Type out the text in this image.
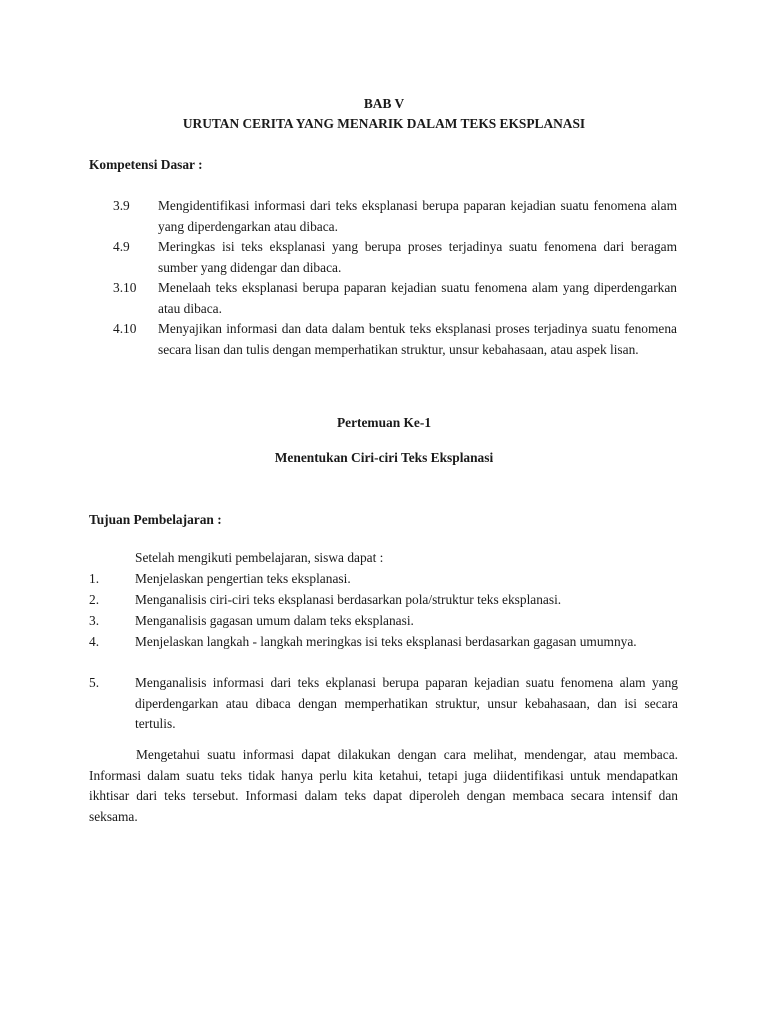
BAB V
URUTAN CERITA YANG MENARIK DALAM TEKS EKSPLANASI
Kompetensi Dasar :
3.9 Mengidentifikasi informasi dari teks eksplanasi berupa paparan kejadian suatu fenomena alam yang diperdengarkan atau dibaca.
4.9 Meringkas isi teks eksplanasi yang berupa proses terjadinya suatu fenomena dari beragam sumber yang didengar dan dibaca.
3.10 Menelaah teks eksplanasi berupa paparan kejadian suatu fenomena alam yang diperdengarkan atau dibaca.
4.10 Menyajikan informasi dan data dalam bentuk teks eksplanasi proses terjadinya suatu fenomena secara lisan dan tulis dengan memperhatikan struktur, unsur kebahasaan, atau aspek lisan.
Pertemuan Ke-1
Menentukan Ciri-ciri Teks Eksplanasi
Tujuan Pembelajaran :
Setelah mengikuti pembelajaran, siswa dapat :
1.	Menjelaskan pengertian teks eksplanasi.
2.	Menganalisis ciri-ciri teks eksplanasi berdasarkan pola/struktur teks eksplanasi.
3.	Menganalisis gagasan umum dalam teks eksplanasi.
4.	Menjelaskan langkah - langkah meringkas isi teks eksplanasi berdasarkan gagasan umumnya.
5.	Menganalisis informasi dari teks ekplanasi berupa paparan kejadian suatu fenomena alam yang diperdengarkan atau dibaca dengan memperhatikan struktur, unsur kebahasaan, dan isi secara tertulis.
Mengetahui suatu informasi dapat dilakukan dengan cara melihat, mendengar, atau membaca. Informasi dalam suatu teks tidak hanya perlu kita ketahui, tetapi juga diidentifikasi untuk mendapatkan ikhtisar dari teks tersebut. Informasi dalam teks dapat diperoleh dengan membaca secara intensif dan seksama.
